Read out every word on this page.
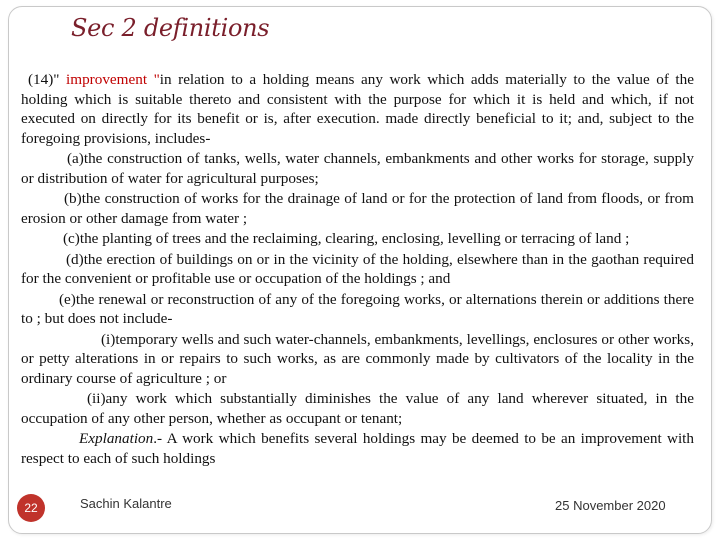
Sec 2 definitions

(14)" improvement "in relation to a holding means any work which adds materially to the value of the holding which is suitable thereto and consistent with the purpose for which it is held and which, if not executed on directly for its benefit or is, after execution. made directly beneficial to it; and, subject to the foregoing provisions, includes-

(a)the construction of tanks, wells, water channels, embankments and other works for storage, supply or distribution of water for agricultural purposes;

(b)the construction of works for the drainage of land or for the protection of land from floods, or from erosion or other damage from water ;

(c)the planting of trees and the reclaiming, clearing, enclosing, levelling or terracing of land ;

(d)the erection of buildings on or in the vicinity of the holding, elsewhere than in the gaothan required for the convenient or profitable use or occupation of the holdings ; and

(e)the renewal or reconstruction of any of the foregoing works, or alternations therein or additions there to ; but does not include-

(i)temporary wells and such water-channels, embankments, levellings, enclosures or other works, or petty alterations in or repairs to such works, as are commonly made by cultivators of the locality in the ordinary course of agriculture ; or

(ii)any work which substantially diminishes the value of any land wherever situated, in the occupation of any other person, whether as occupant or tenant;

Explanation.- A work which benefits several holdings may be deemed to be an improvement with respect to each of such holdings

22	Sachin Kalantre	25 November 2020
